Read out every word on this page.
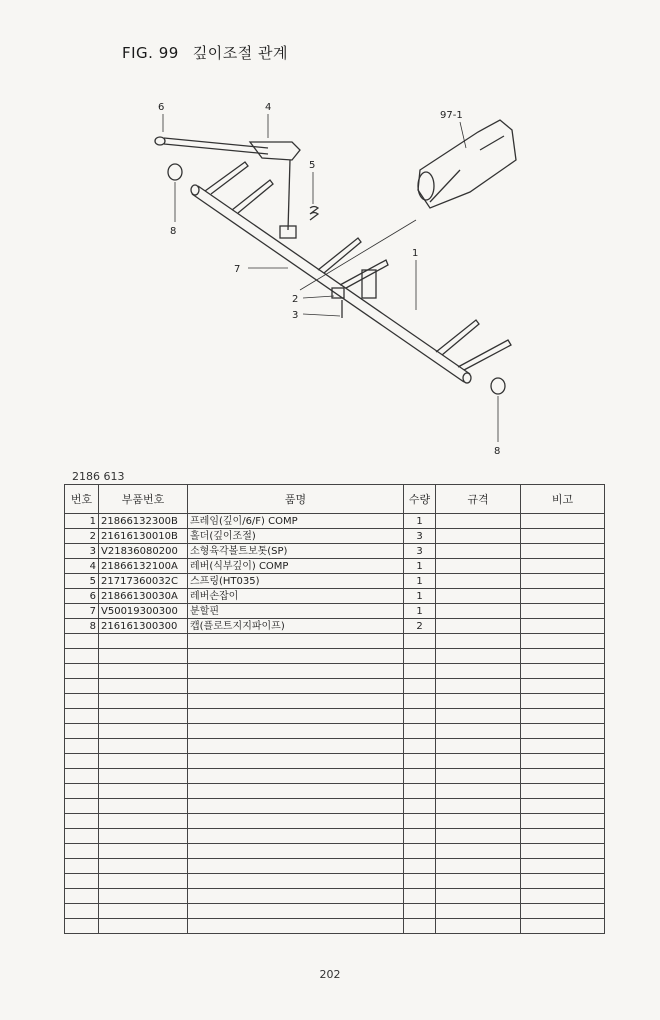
FIG. 99 깊이조절 관계
6	4
5
97-1
1
7
2
3
8
8
2186 613
번호	부품번호	품명	수량	규격	비고
1	21866132300B	프레임(깊이/6/F) COMP	1		
2	21616130010B	홀더(깊이조절)	3		
3	V21836080200	소형육각볼트보톳(SP)	3		
4	21866132100A	레버(식부깊이) COMP	1		
5	21717360032C	스프링(HT035)	1		
6	21866130030A	레버손잡이	1		
7	V50019300300	분할핀	1		
8	216161300300	캡(플로트지지파이프)	2		

202
